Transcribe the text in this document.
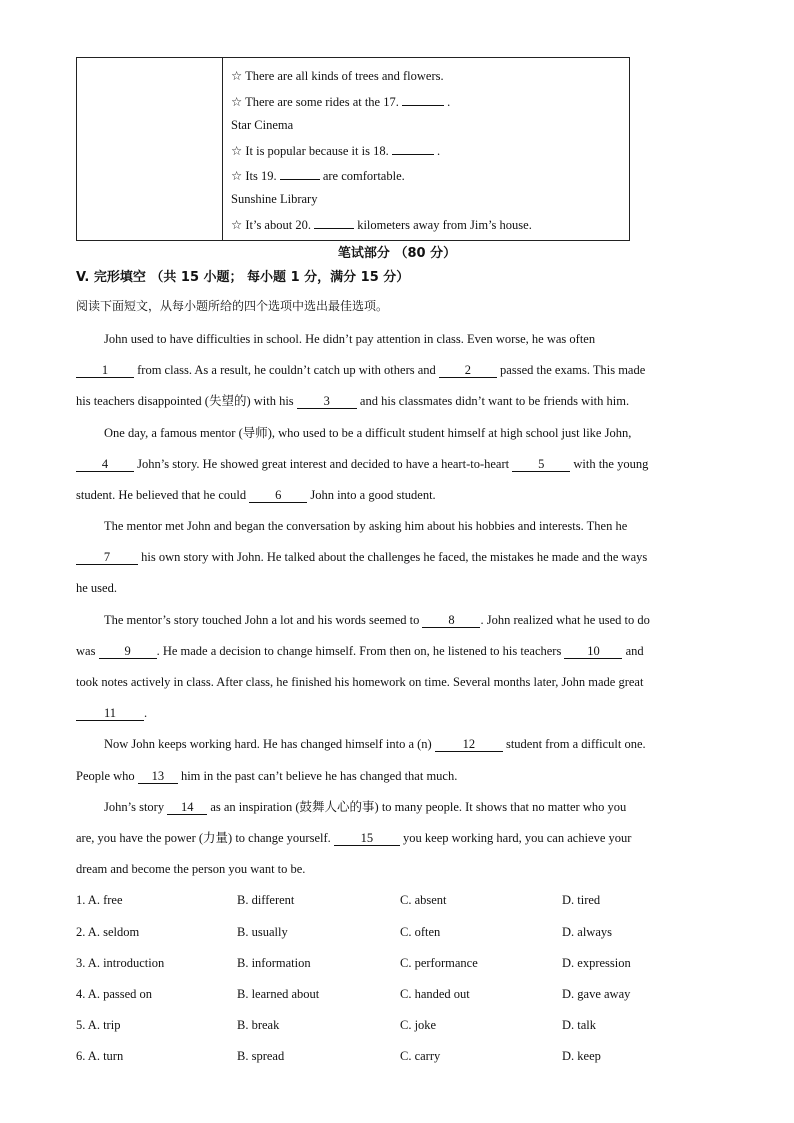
☆ There are all kinds of trees and flowers.
☆ There are some rides at the 17.	.
Star Cinema
☆ It is popular because it is 18.	.
☆ Its 19.	are comfortable.
Sunshine Library
☆ It’s about 20.	kilometers away from Jim’s house.
笔试部分 （80 分）
V. 完形填空 （共 15 小题； 每小题 1 分，满分 15 分）
阅读下面短文，从每小题所给的四个选项中选出最佳选项。
John used to have difficulties in school. He didn’t pay attention in class. Even worse, he was often
1 from class. As a result, he couldn’t catch up with others and 2 passed the exams. This made
his teachers disappointed (失望的) with his 3 and his classmates didn’t want to be friends with him.
One day, a famous mentor (导师), who used to be a difficult student himself at high school just like John,
4 John’s story. He showed great interest and decided to have a heart-to-heart 5 with the young
student. He believed that he could 6 John into a good student.
The mentor met John and began the conversation by asking him about his hobbies and interests. Then he
7 his own story with John. He talked about the challenges he faced, the mistakes he made and the ways
he used.
The mentor’s story touched John a lot and his words seemed to 8 . John realized what he used to do
was 9 . He made a decision to change himself. From then on, he listened to his teachers 10 and
took notes actively in class. After class, he finished his homework on time. Several months later, John made great
11 .
Now John keeps working hard. He has changed himself into a (n) 12 student from a difficult one.
People who 13 him in the past can’t believe he has changed that much.
John’s story 14 as an inspiration (鼓舞人心的事) to many people. It shows that no matter who you
are, you have the power (力量) to change yourself. 15 you keep working hard, you can achieve your
dream and become the person you want to be.
1. A. free	B. different	C. absent	D. tired
2. A. seldom	B. usually	C. often	D. always
3. A. introduction	B. information	C. performance	D. expression
4. A. passed on	B. learned about	C. handed out	D. gave away
5. A. trip	B. break	C. joke	D. talk
6. A. turn	B. spread	C. carry	D. keep
